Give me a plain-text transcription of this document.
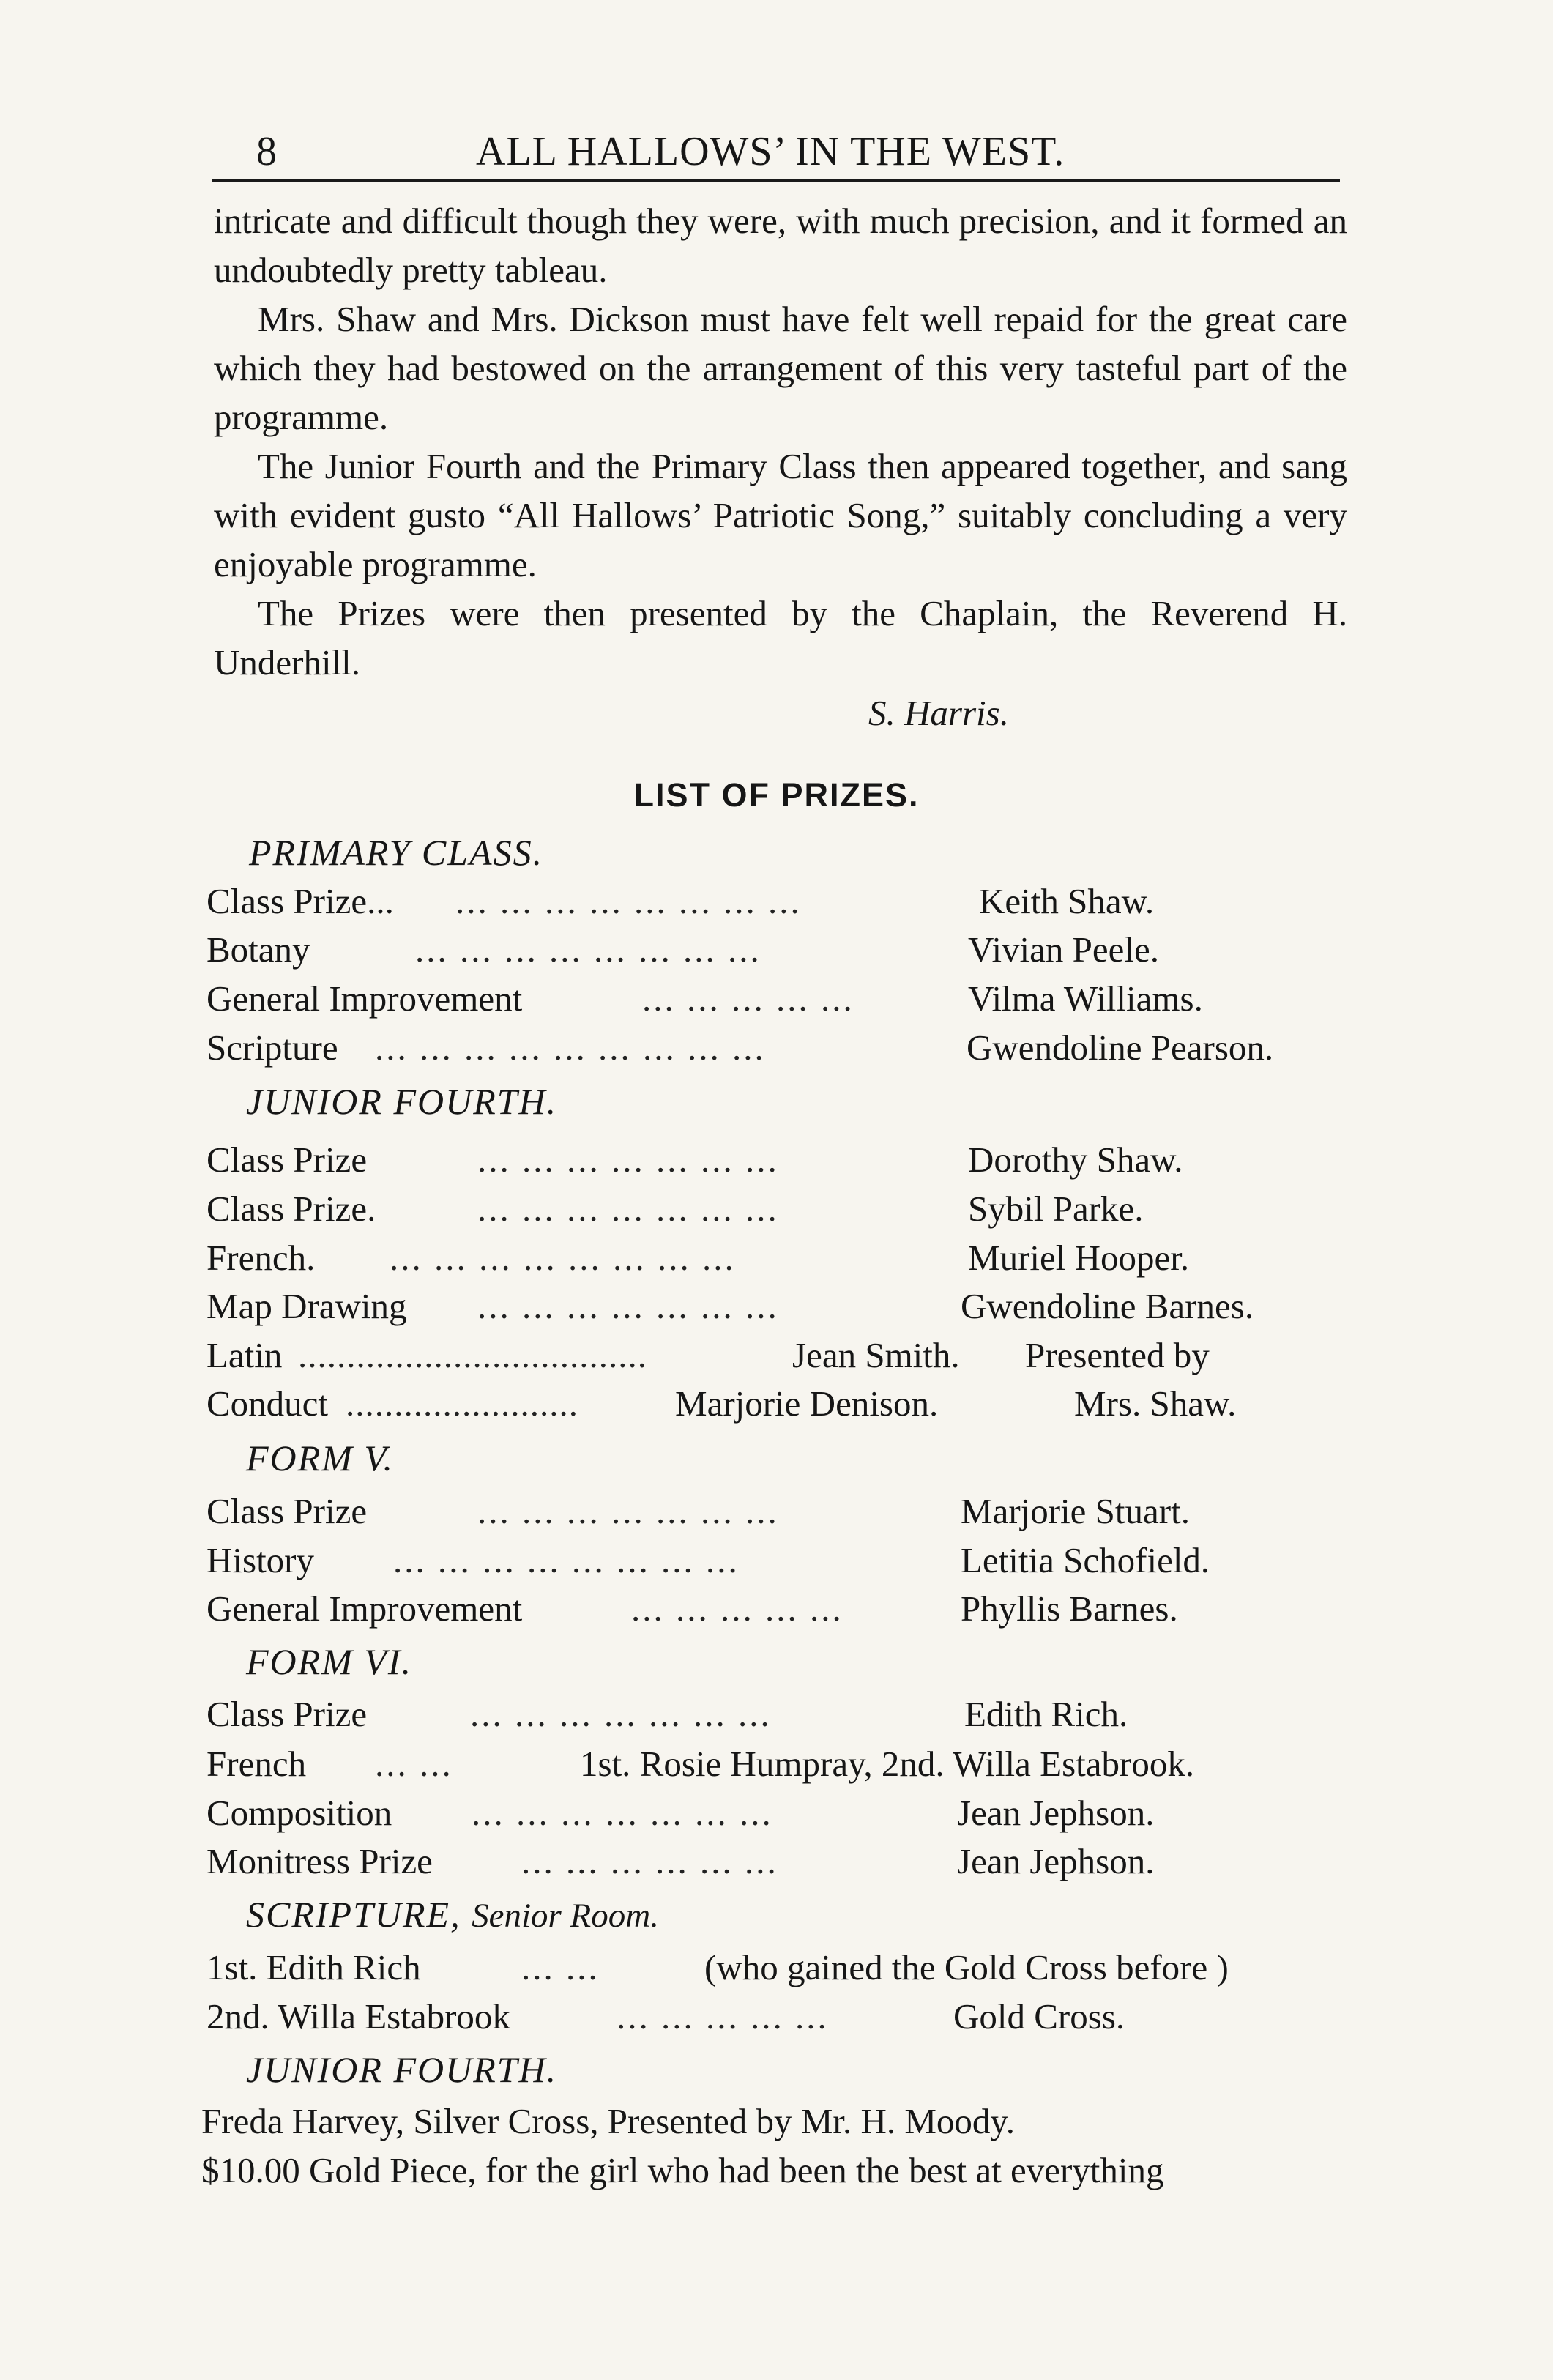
8	ALL HALLOWS’ IN THE WEST.

intricate and difficult though they were, with much precision, and it formed an undoubtedly pretty tableau.

Mrs. Shaw and Mrs. Dickson must have felt well repaid for the great care which they had bestowed on the arrangement of this very tasteful part of the programme.

The Junior Fourth and the Primary Class then appeared together, and sang with evident gusto “All Hallows’ Patriotic Song,” suitably concluding a very enjoyable programme.

The Prizes were then presented by the Chaplain, the Reverend H. Underhill.

S. Harris.
LIST OF PRIZES.
PRIMARY CLASS.
Class Prize... ... ... ... ... ... ... ... ...	Keith Shaw.
Botany	... ... ... ... ... ... ... ...	Vivian Peele.
General Improvement	... ... ... ... ...	Vilma Williams.
Scripture ... ... ... ... ... ... ... ... ...	Gwendoline Pearson.
JUNIOR FOURTH.
Class Prize	... ... ... ... ... ... ...	Dorothy Shaw.
Class Prize.	... ... ... ... ... ... ...	Sybil Parke.
French. ... ... ... ... ... ... ... ...	Muriel Hooper.
Map Drawing ... ... ... ... ... ... ...	Gwendoline Barnes.
Latin ....................................	Jean Smith. Presented by
Conduct ........................	Marjorie Denison.	Mrs. Shaw.
FORM V.
Class Prize	... ... ... ... ... ... ...	Marjorie Stuart.
History ... ... ... ... ... ... ... ...	Letitia Schofield.
General Improvement	... ... ... ... ...	Phyllis Barnes.
FORM VI.
Class Prize	... ... ... ... ... ... ...	Edith Rich.
French ... ...	1st. Rosie Humpray, 2nd. Willa Estabrook.
Composition ... ... ... ... ... ... ...	Jean Jephson.
Monitress Prize ... ... ... ... ... ...	Jean Jephson.
SCRIPTURE, Senior Room.
1st. Edith Rich	... ...	(who gained the Gold Cross before )
2nd. Willa Estabrook	... ... ... ... ...	Gold Cross.
JUNIOR FOURTH.
Freda Harvey, Silver Cross, Presented by Mr. H. Moody.
$10.00 Gold Piece, for the girl who had been the best at everything
